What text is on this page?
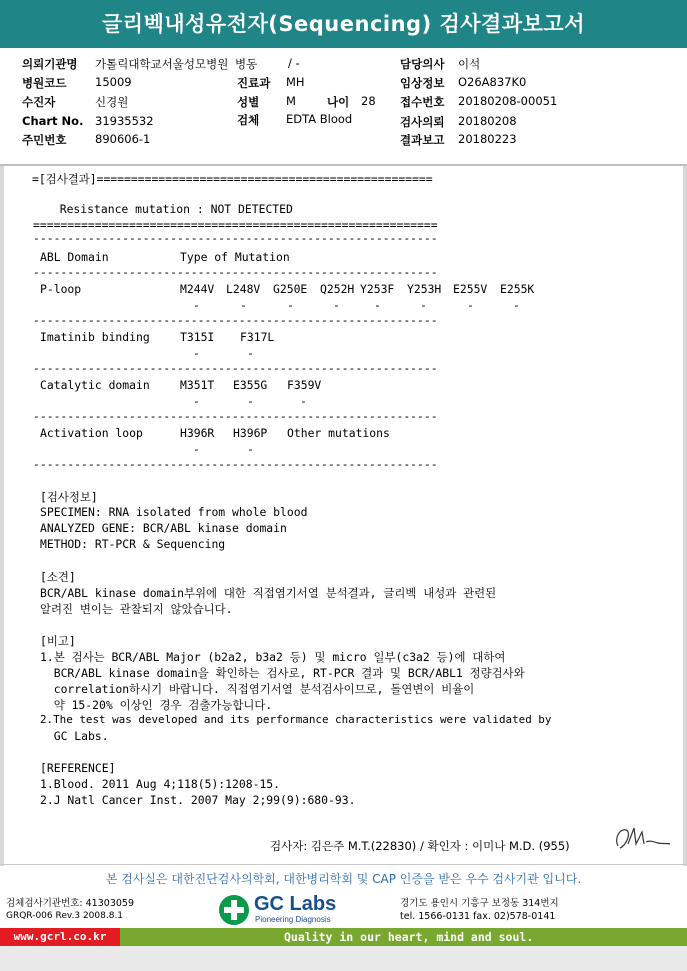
글리벡내성유전자(Sequencing) 검사결과보고서
의뢰기관명 가톨릭대학교서울성모병원 병동	/ -	담당의사 이석
병원코드 15009	진료과 MH	임상정보 O26A837K0
수진자	신경원	성별 M	나이 28 접수번호 20180208-00051
Chart No. 31935532	검체 EDTA Blood	검사의뢰 20180208
주민번호 890606-1	결과보고 20180223
=[검사결과]=================================================
Resistance mutation : NOT DETECTED
===========================================================
-----------------------------------------------------------
ABL Domain	Type of Mutation
-----------------------------------------------------------
P-loop	M244V L248V G250E Q252H Y253F Y253H E255V E255K
-	-	-	-	-	-	-	-
-----------------------------------------------------------
Imatinib binding	T315I F317L
-	-
-----------------------------------------------------------
Catalytic domain	M351T E355G F359V
-	-	-
-----------------------------------------------------------
Activation loop	H396R H396P Other mutations
-	-
-----------------------------------------------------------
[검사정보]
SPECIMEN: RNA isolated from whole blood
ANALYZED GENE: BCR/ABL kinase domain
METHOD: RT-PCR & Sequencing
[소견]
BCR/ABL kinase domain부위에 대한 직접염기서열 분석결과, 글리벡 내성과 관련된
알려진 변이는 관찰되지 않았습니다.
[비고]
1.본 검사는 BCR/ABL Major (b2a2, b3a2 등) 및 micro 일부(c3a2 등)에 대하여
BCR/ABL kinase domain을 확인하는 검사로, RT-PCR 결과 및 BCR/ABL1 정량검사와
correlation하시기 바랍니다. 직접염기서열 분석검사이므로, 돌연변이 비율이
약 15-20% 이상인 경우 검출가능합니다.
2.The test was developed and its performance characteristics were validated by
GC Labs.
[REFERENCE]
1.Blood. 2011 Aug 4;118(5):1208-15.
2.J Natl Cancer Inst. 2007 May 2;99(9):680-93.
검사자: 김은주 M.T.(22830) / 확인자 : 이미나 M.D. (955)
본 검사실은 대한진단검사의학회, 대한병리학회 및 CAP 인증을 받은 우수 검사기관 입니다.
검체검사기관번호: 41303059
GRQR-006 Rev.3 2008.8.1
GC Labs
Pioneering Diagnosis
경기도 용인시 기흥구 보정동 314번지
tel. 1566-0131 fax. 02)578-0141
www.gcrl.co.kr	Quality in our heart, mind and soul.
